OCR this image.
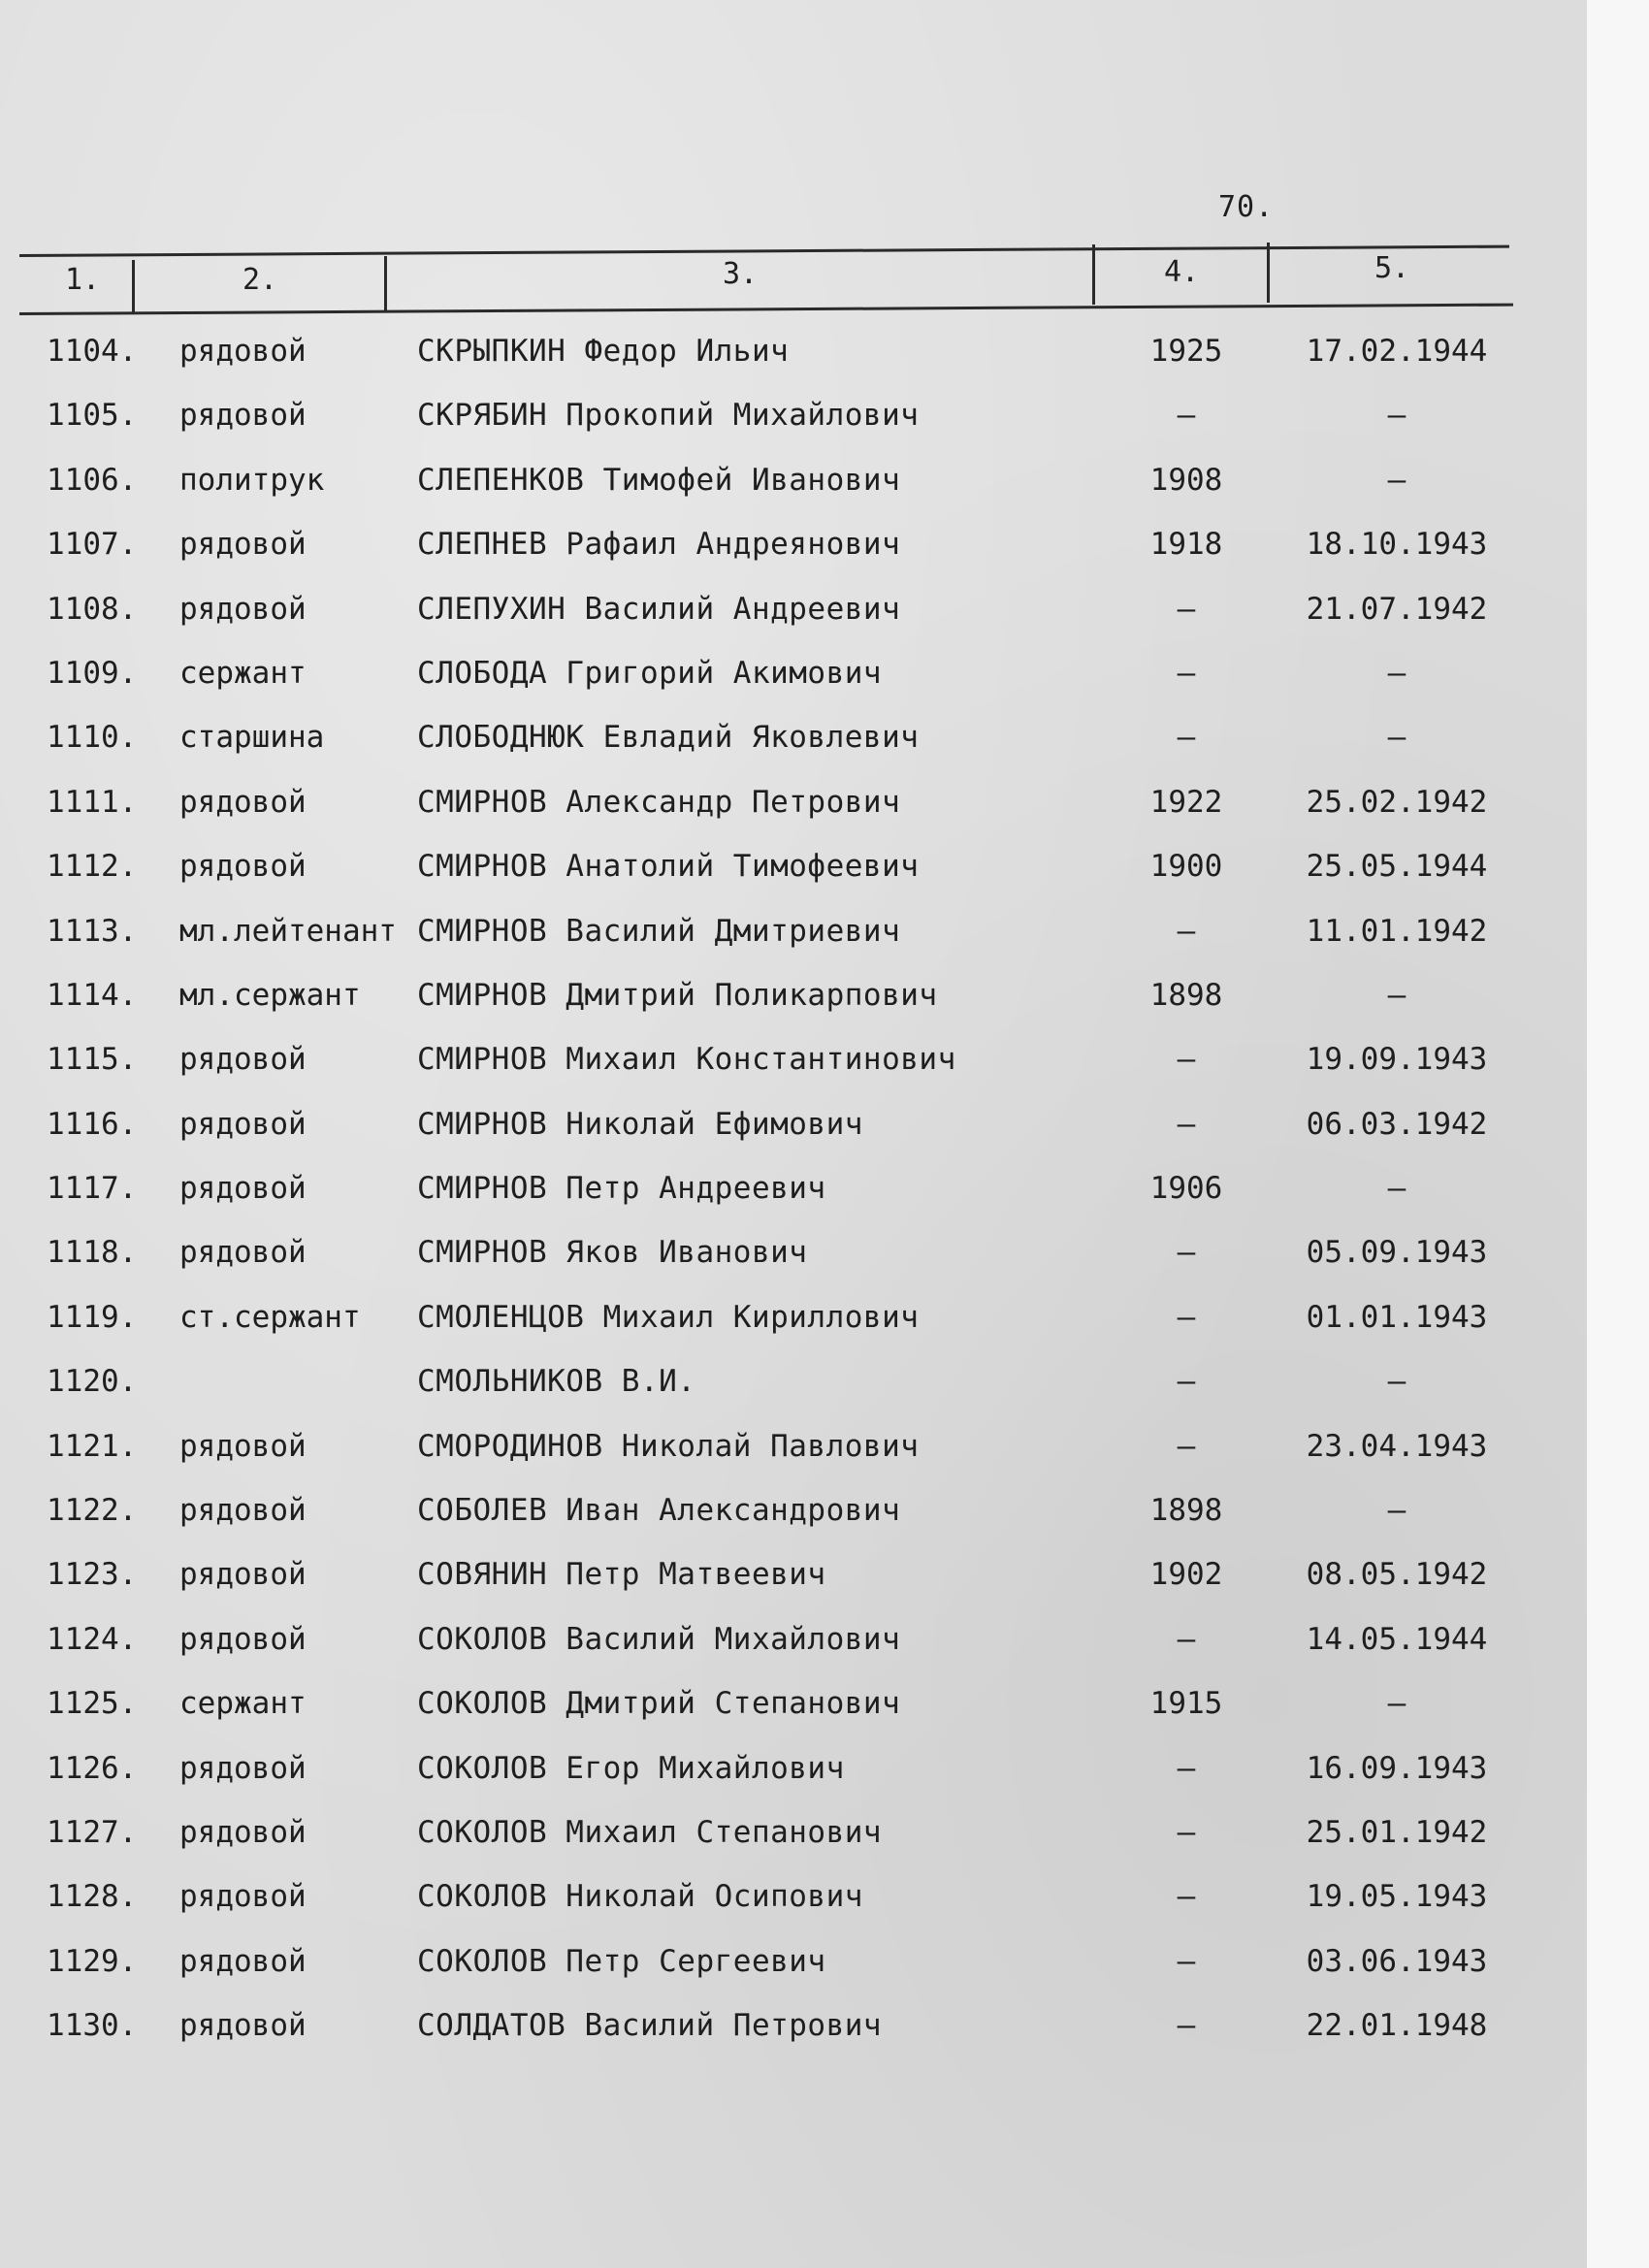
70.
1.	2.	3.	4.	5.
1104. рядовой	СКРЫПКИН Федор Ильич	1925	17.02.1944
1105. рядовой	СКРЯБИН Прокопий Михайлович	–	–
1106. политрук	СЛЕПЕНКОВ Тимофей Иванович	1908	–
1107. рядовой	СЛЕПНЕВ Рафаил Андреянович	1918	18.10.1943
1108. рядовой	СЛЕПУХИН Василий Андреевич	–	21.07.1942
1109. сержант	СЛОБОДА Григорий Акимович	–	–
1110. старшина	СЛОБОДНЮК Евладий Яковлевич	–	–
1111. рядовой	СМИРНОВ Александр Петрович	1922	25.02.1942
1112. рядовой	СМИРНОВ Анатолий Тимофеевич	1900	25.05.1944
1113. мл.лейтенант СМИРНОВ Василий Дмитриевич	–	11.01.1942
1114. мл.сержант СМИРНОВ Дмитрий Поликарпович	1898	–
1115. рядовой	СМИРНОВ Михаил Константинович	–	19.09.1943
1116. рядовой	СМИРНОВ Николай Ефимович	–	06.03.1942
1117. рядовой	СМИРНОВ Петр Андреевич	1906	–
1118. рядовой	СМИРНОВ Яков Иванович	–	05.09.1943
1119. ст.сержант СМОЛЕНЦОВ Михаил Кириллович	–	01.01.1943
1120.	СМОЛЬНИКОВ В.И.	–	–
1121. рядовой	СМОРОДИНОВ Николай Павлович	–	23.04.1943
1122. рядовой	СОБОЛЕВ Иван Александрович	1898	–
1123. рядовой	СОВЯНИН Петр Матвеевич	1902	08.05.1942
1124. рядовой	СОКОЛОВ Василий Михайлович	–	14.05.1944
1125. сержант	СОКОЛОВ Дмитрий Степанович	1915	–
1126. рядовой	СОКОЛОВ Егор Михайлович	–	16.09.1943
1127. рядовой	СОКОЛОВ Михаил Степанович	–	25.01.1942
1128. рядовой	СОКОЛОВ Николай Осипович	–	19.05.1943
1129. рядовой	СОКОЛОВ Петр Сергеевич	–	03.06.1943
1130. рядовой	СОЛДАТОВ Василий Петрович	–	22.01.1948
